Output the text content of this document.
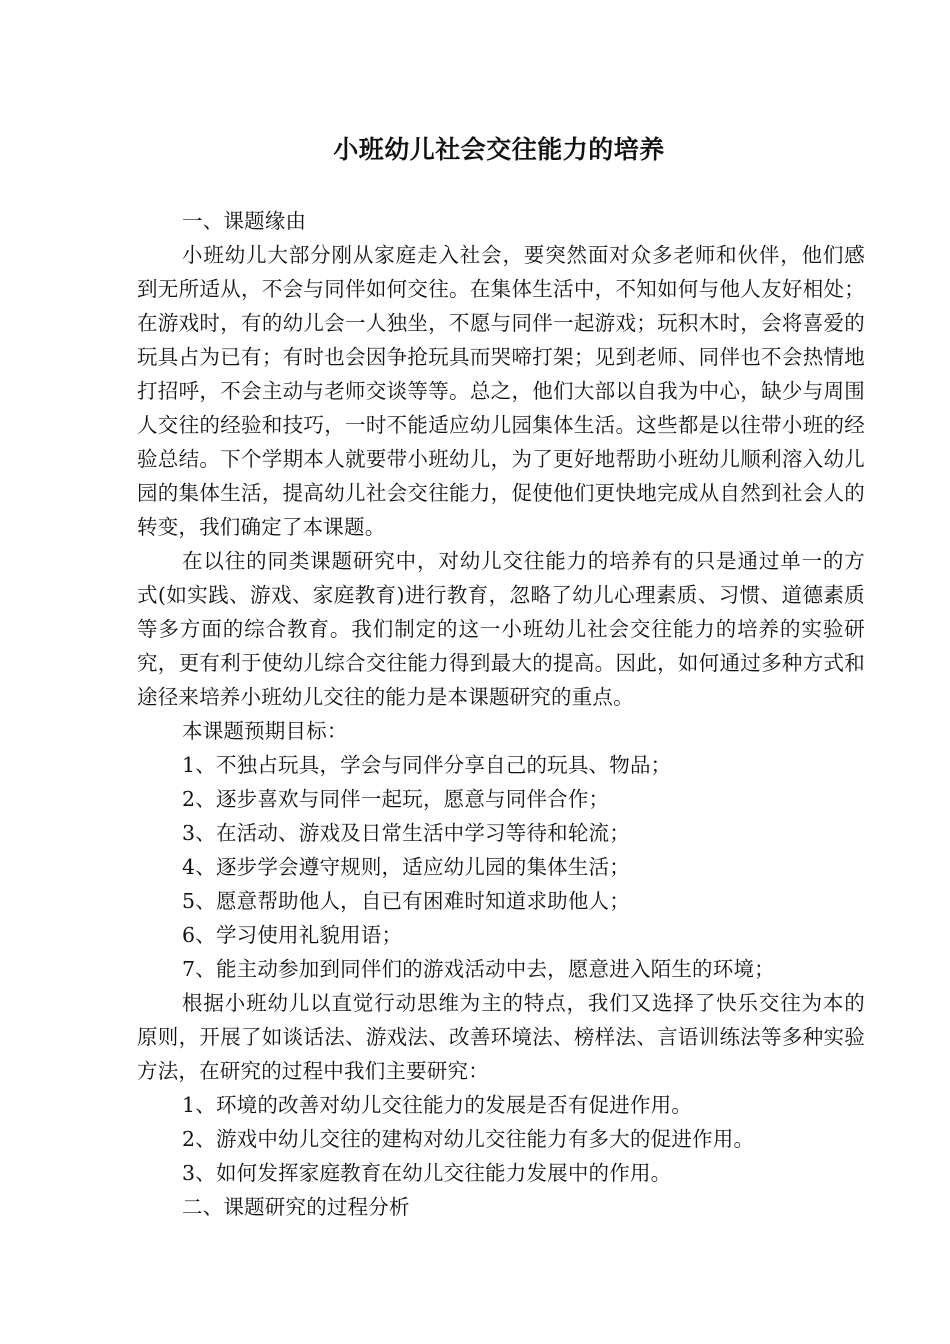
小班幼儿社会交往能力的培养

一、课题缘由

小班幼儿大部分刚从家庭走入社会，要突然面对众多老师和伙伴，他们感到无所适从，不会与同伴如何交往。在集体生活中，不知如何与他人友好相处；在游戏时，有的幼儿会一人独坐，不愿与同伴一起游戏；玩积木时，会将喜爱的玩具占为已有；有时也会因争抢玩具而哭啼打架；见到老师、同伴也不会热情地打招呼，不会主动与老师交谈等等。总之，他们大部以自我为中心，缺少与周围人交往的经验和技巧，一时不能适应幼儿园集体生活。这些都是以往带小班的经验总结。下个学期本人就要带小班幼儿，为了更好地帮助小班幼儿顺利溶入幼儿园的集体生活，提高幼儿社会交往能力，促使他们更快地完成从自然到社会人的转变，我们确定了本课题。

在以往的同类课题研究中，对幼儿交往能力的培养有的只是通过单一的方式(如实践、游戏、家庭教育)进行教育，忽略了幼儿心理素质、习惯、道德素质等多方面的综合教育。我们制定的这一小班幼儿社会交往能力的培养的实验研究，更有利于使幼儿综合交往能力得到最大的提高。因此，如何通过多种方式和途径来培养小班幼儿交往的能力是本课题研究的重点。

本课题预期目标：

1、不独占玩具，学会与同伴分享自己的玩具、物品；

2、逐步喜欢与同伴一起玩，愿意与同伴合作；

3、在活动、游戏及日常生活中学习等待和轮流；

4、逐步学会遵守规则，适应幼儿园的集体生活；

5、愿意帮助他人，自已有困难时知道求助他人；

6、学习使用礼貌用语；

7、能主动参加到同伴们的游戏活动中去，愿意进入陌生的环境；

根据小班幼儿以直觉行动思维为主的特点，我们又选择了快乐交往为本的原则，开展了如谈话法、游戏法、改善环境法、榜样法、言语训练法等多种实验方法，在研究的过程中我们主要研究：

1、环境的改善对幼儿交往能力的发展是否有促进作用。

2、游戏中幼儿交往的建构对幼儿交往能力有多大的促进作用。

3、如何发挥家庭教育在幼儿交往能力发展中的作用。

二、课题研究的过程分析
